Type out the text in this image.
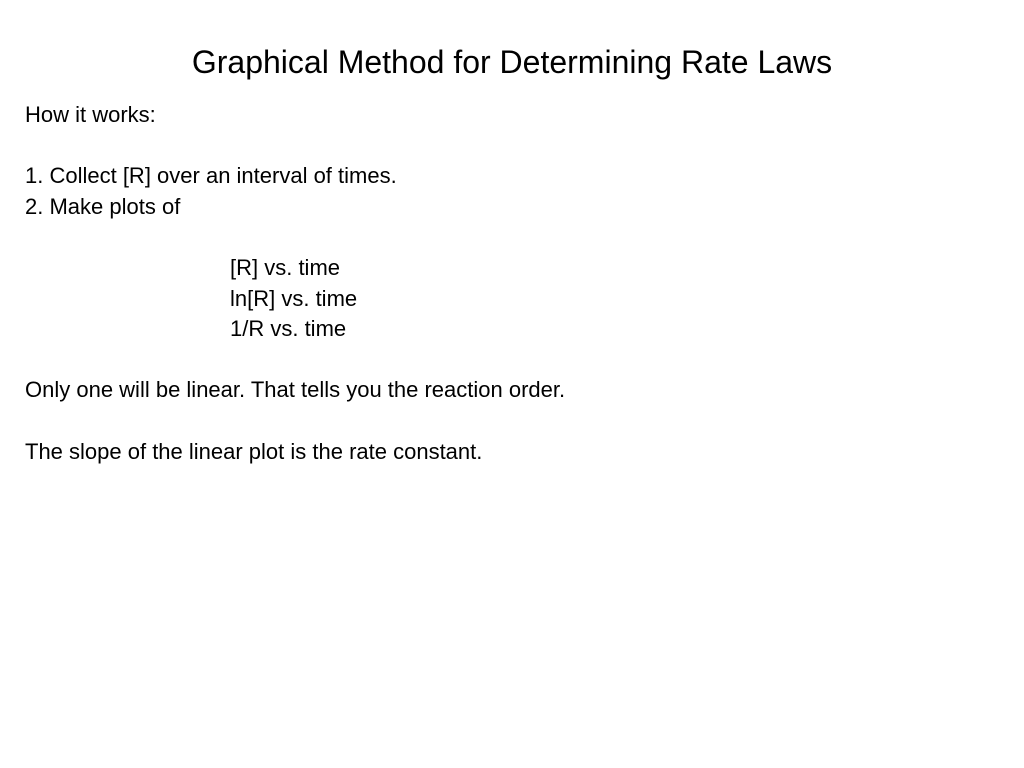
Graphical Method for Determining Rate Laws
How it works:
1. Collect [R] over an interval of times.
2. Make plots of
[R] vs. time
ln[R] vs. time
1/R vs. time
Only one will be linear. That tells you the reaction order.
The slope of the linear plot is the rate constant.
